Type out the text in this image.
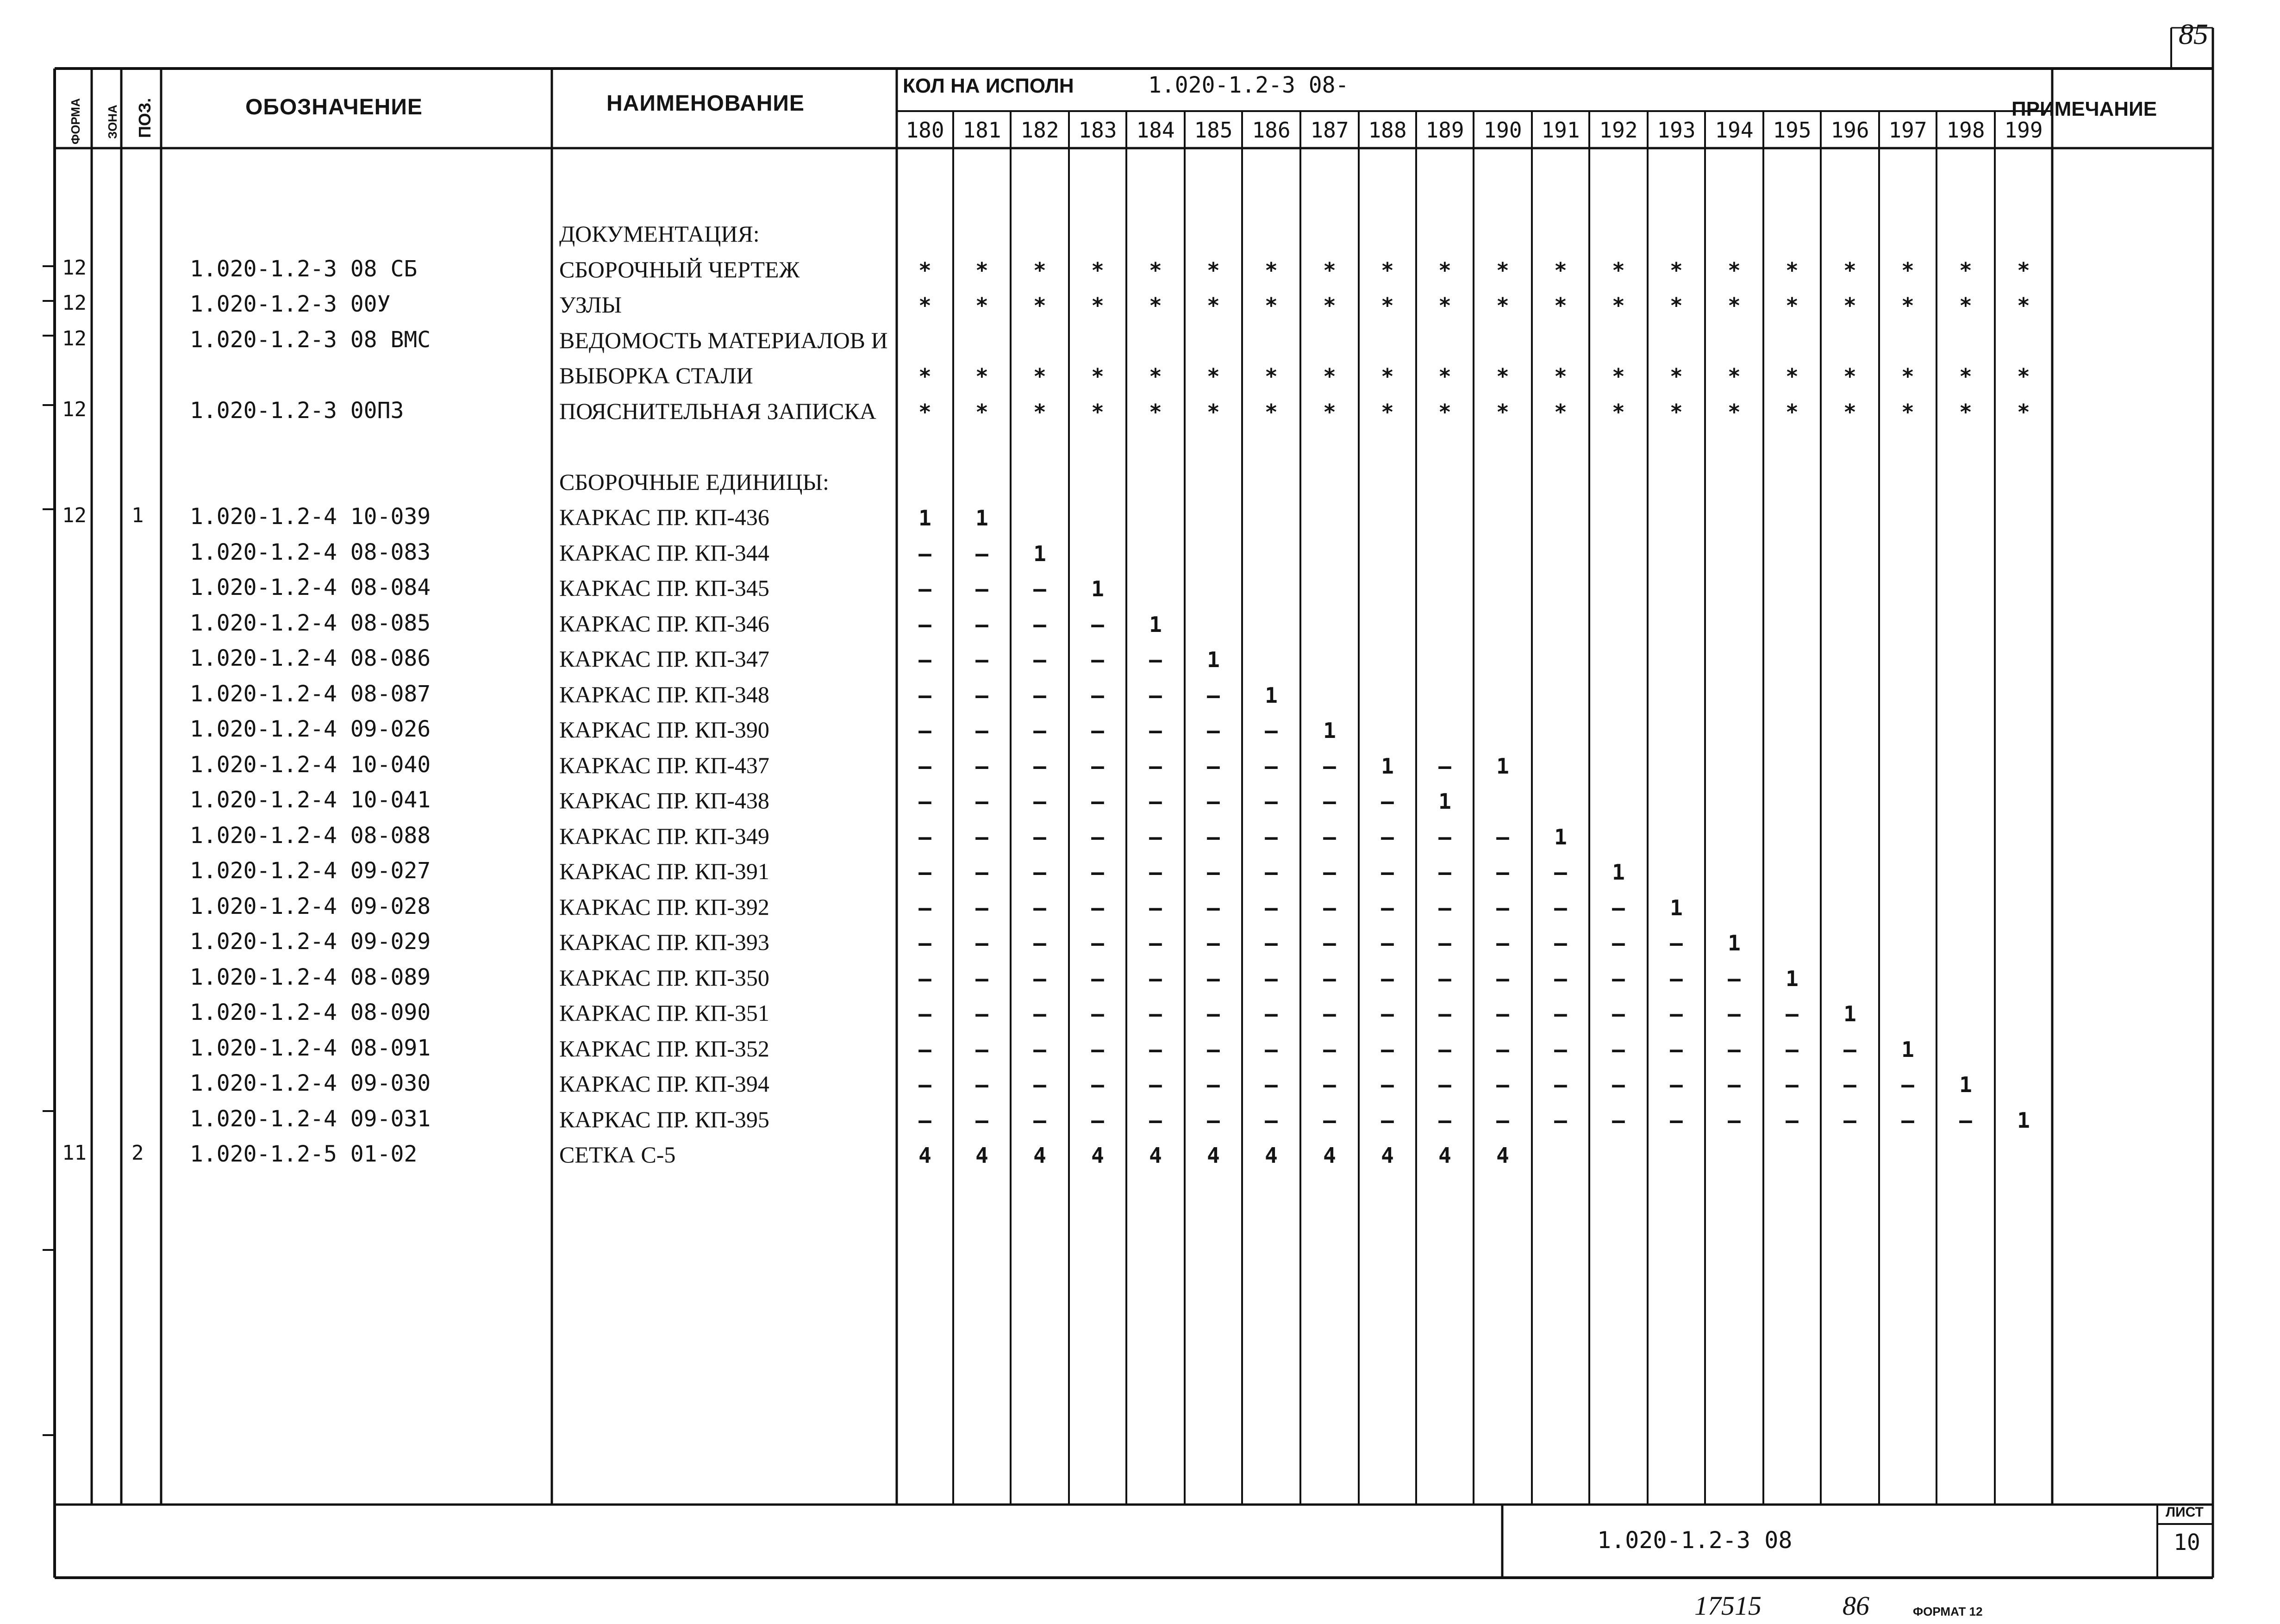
85
ФОРМА ЗОНА ПОЗ.	ОБОЗНАЧЕНИЕ	НАИМЕНОВАНИЕ
КОЛ НА ИСПОЛН	1.020-1.2-3 08-
ПРИМЕЧАНИЕ
180 181 182 183 184 185 186 187 188 189 190 191 192 193 194 195 196 197 198 199
ДОКУМЕНТАЦИЯ:
12	1.020-1.2-3 08 СБ	СБОРОЧНЫЙ ЧЕРТЕЖ	*	*	*	*	*	*	*	*	*	*	*	*	*	*	*	*	*	*	*	*
12	1.020-1.2-3 00У	УЗЛЫ	*	*	*	*	*	*	*	*	*	*	*	*	*	*	*	*	*	*	*	*
12	1.020-1.2-3 08 ВМС	ВЕДОМОСТЬ МАТЕРИАЛОВ И
ВЫБОРКА СТАЛИ	*	*	*	*	*	*	*	*	*	*	*	*	*	*	*	*	*	*	*	*
12	1.020-1.2-3 00ПЗ	ПОЯСНИТЕЛЬНАЯ ЗАПИСКА	*	*	*	*	*	*	*	*	*	*	*	*	*	*	*	*	*	*	*	*
СБОРОЧНЫЕ ЕДИНИЦЫ:
12 1 1.020-1.2-4 10-039	КАРКАС ПР. КП-436	1	1
1.020-1.2-4 08-083	КАРКАС ПР. КП-344	–	–	1
1.020-1.2-4 08-084	КАРКАС ПР. КП-345	–	–	–	1
1.020-1.2-4 08-085	КАРКАС ПР. КП-346	–	–	–	–	1
1.020-1.2-4 08-086	КАРКАС ПР. КП-347	–	–	–	–	–	1
1.020-1.2-4 08-087	КАРКАС ПР. КП-348	–	–	–	–	–	–	1
1.020-1.2-4 09-026	КАРКАС ПР. КП-390	–	–	–	–	–	–	–	1
1.020-1.2-4 10-040	КАРКАС ПР. КП-437	–	–	–	–	–	–	–	–	1	–	1
1.020-1.2-4 10-041	КАРКАС ПР. КП-438	–	–	–	–	–	–	–	–	–	1
1.020-1.2-4 08-088	КАРКАС ПР. КП-349	–	–	–	–	–	–	–	–	–	–	–	1
1.020-1.2-4 09-027	КАРКАС ПР. КП-391	–	–	–	–	–	–	–	–	–	–	–	–	1
1.020-1.2-4 09-028	КАРКАС ПР. КП-392	–	–	–	–	–	–	–	–	–	–	–	–	–	1
1.020-1.2-4 09-029	КАРКАС ПР. КП-393	–	–	–	–	–	–	–	–	–	–	–	–	–	–	1
1.020-1.2-4 08-089	КАРКАС ПР. КП-350	–	–	–	–	–	–	–	–	–	–	–	–	–	–	–	1
1.020-1.2-4 08-090	КАРКАС ПР. КП-351	–	–	–	–	–	–	–	–	–	–	–	–	–	–	–	–	1
1.020-1.2-4 08-091	КАРКАС ПР. КП-352	–	–	–	–	–	–	–	–	–	–	–	–	–	–	–	–	–	1
1.020-1.2-4 09-030	КАРКАС ПР. КП-394	–	–	–	–	–	–	–	–	–	–	–	–	–	–	–	–	–	–	1
1.020-1.2-4 09-031	КАРКАС ПР. КП-395	–	–	–	–	–	–	–	–	–	–	–	–	–	–	–	–	–	–	–	1
11 2 1.020-1.2-5 01-02	СЕТКА С-5	4	4	4	4	4	4	4	4	4	4	4
1.020-1.2-3 08
ЛИСТ
10
17515	86	ФОРМАТ 12
